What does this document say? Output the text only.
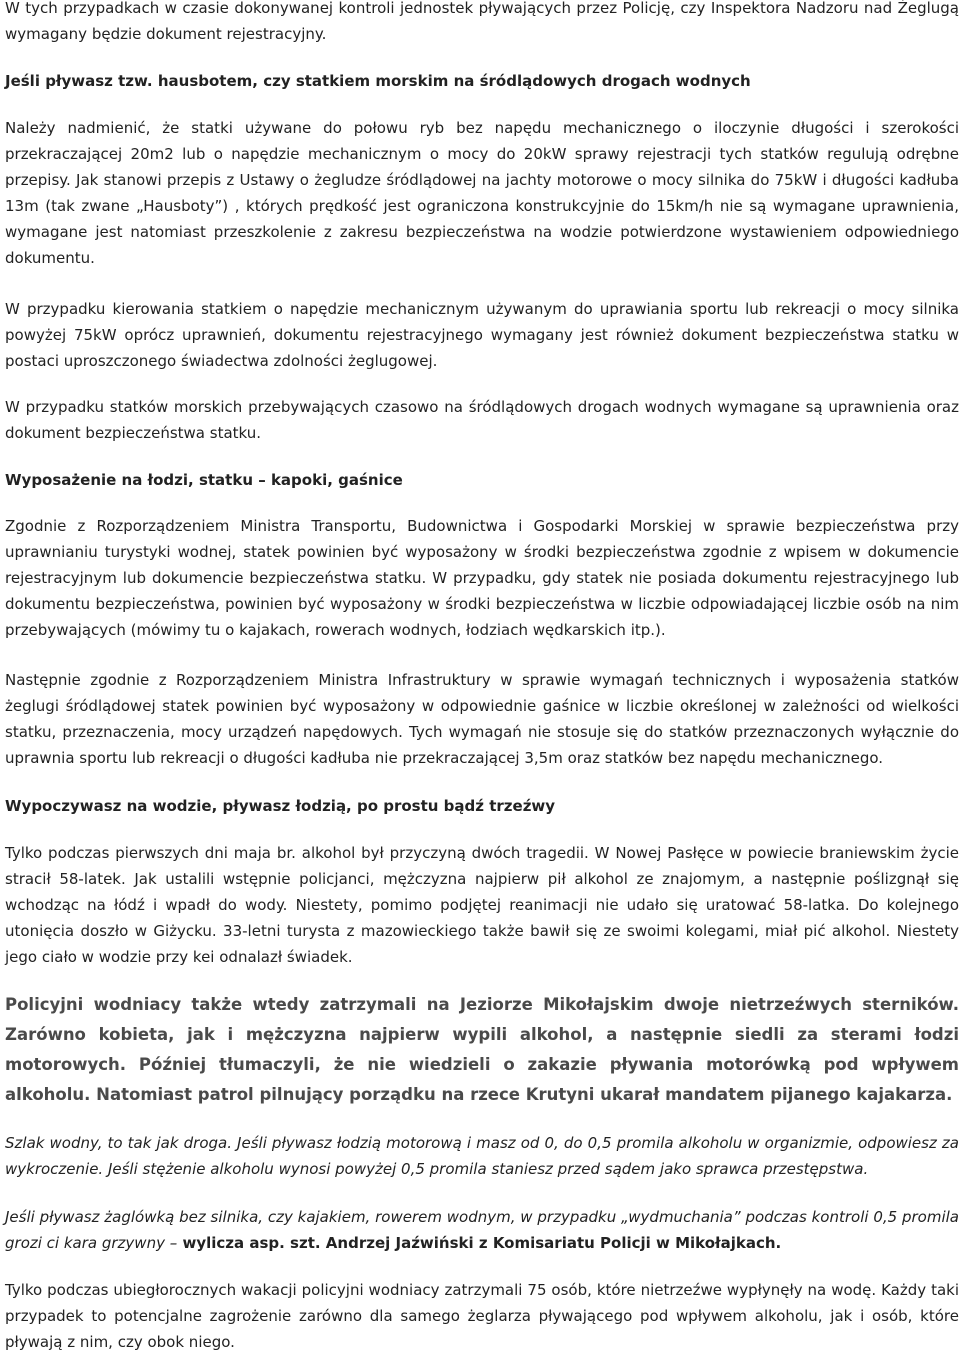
W tych przypadkach w czasie dokonywanej kontroli jednostek pływających przez Policję, czy Inspektora Nadzoru nad Żeglugą wymagany będzie dokument rejestracyjny.

Jeśli pływasz tzw. hausbotem, czy statkiem morskim na śródlądowych drogach wodnych

Należy nadmienić, że statki używane do połowu ryb bez napędu mechanicznego o iloczynie długości i szerokości przekraczającej 20m2 lub o napędzie mechanicznym o mocy do 20kW sprawy rejestracji tych statków regulują odrębne przepisy. Jak stanowi przepis z Ustawy o żegludze śródlądowej na jachty motorowe o mocy silnika do 75kW i długości kadłuba 13m (tak zwane „Hausboty”) , których prędkość jest ograniczona konstrukcyjnie do 15km/h nie są wymagane uprawnienia, wymagane jest natomiast przeszkolenie z zakresu bezpieczeństwa na wodzie potwierdzone wystawieniem odpowiedniego dokumentu.

W przypadku kierowania statkiem o napędzie mechanicznym używanym do uprawiania sportu lub rekreacji o mocy silnika powyżej 75kW oprócz uprawnień, dokumentu rejestracyjnego wymagany jest również dokument bezpieczeństwa statku w postaci uproszczonego świadectwa zdolności żeglugowej.

W przypadku statków morskich przebywających czasowo na śródlądowych drogach wodnych wymagane są uprawnienia oraz dokument bezpieczeństwa statku.

Wyposażenie na łodzi, statku – kapoki, gaśnice

Zgodnie z Rozporządzeniem Ministra Transportu, Budownictwa i Gospodarki Morskiej w sprawie bezpieczeństwa przy uprawnianiu turystyki wodnej, statek powinien być wyposażony w środki bezpieczeństwa zgodnie z wpisem w dokumencie rejestracyjnym lub dokumencie bezpieczeństwa statku. W przypadku, gdy statek nie posiada dokumentu rejestracyjnego lub dokumentu bezpieczeństwa, powinien być wyposażony w środki bezpieczeństwa w liczbie odpowiadającej liczbie osób na nim przebywających (mówimy tu o kajakach, rowerach wodnych, łodziach wędkarskich itp.).

Następnie zgodnie z Rozporządzeniem Ministra Infrastruktury w sprawie wymagań technicznych i wyposażenia statków żeglugi śródlądowej statek powinien być wyposażony w odpowiednie gaśnice w liczbie określonej w zależności od wielkości statku, przeznaczenia, mocy urządzeń napędowych. Tych wymagań nie stosuje się do statków przeznaczonych wyłącznie do uprawnia sportu lub rekreacji o długości kadłuba nie przekraczającej 3,5m oraz statków bez napędu mechanicznego.

Wypoczywasz na wodzie, pływasz łodzią, po prostu bądź trzeźwy

Tylko podczas pierwszych dni maja br. alkohol był przyczyną dwóch tragedii. W Nowej Pasłęce w powiecie braniewskim życie stracił 58-latek. Jak ustalili wstępnie policjanci, mężczyzna najpierw pił alkohol ze znajomym, a następnie poślizgnął się wchodząc na łódź i wpadł do wody. Niestety, pomimo podjętej reanimacji nie udało się uratować 58-latka. Do kolejnego utonięcia doszło w Giżycku. 33-letni turysta z mazowieckiego także bawił się ze swoimi kolegami, miał pić alkohol. Niestety jego ciało w wodzie przy kei odnalazł świadek.

Policyjni wodniacy także wtedy zatrzymali na Jeziorze Mikołajskim dwoje nietrzeźwych sterników. Zarówno kobieta, jak i mężczyzna najpierw wypili alkohol, a następnie siedli za sterami łodzi motorowych. Później tłumaczyli, że nie wiedzieli o zakazie pływania motorówką pod wpływem alkoholu. Natomiast patrol pilnujący porządku na rzece Krutyni ukarał mandatem pijanego kajakarza.

Szlak wodny, to tak jak droga. Jeśli pływasz łodzią motorową i masz od 0, do 0,5 promila alkoholu w organizmie, odpowiesz za wykroczenie. Jeśli stężenie alkoholu wynosi powyżej 0,5 promila staniesz przed sądem jako sprawca przestępstwa.

Jeśli pływasz żaglówką bez silnika, czy kajakiem, rowerem wodnym, w przypadku „wydmuchania” podczas kontroli 0,5 promila grozi ci kara grzywny – wylicza asp. szt. Andrzej Jaźwiński z Komisariatu Policji w Mikołajkach.

Tylko podczas ubiegłorocznych wakacji policyjni wodniacy zatrzymali 75 osób, które nietrzeźwe wypłynęły na wodę. Każdy taki przypadek to potencjalne zagrożenie zarówno dla samego żeglarza pływającego pod wpływem alkoholu, jak i osób, które pływają z nim, czy obok niego.
